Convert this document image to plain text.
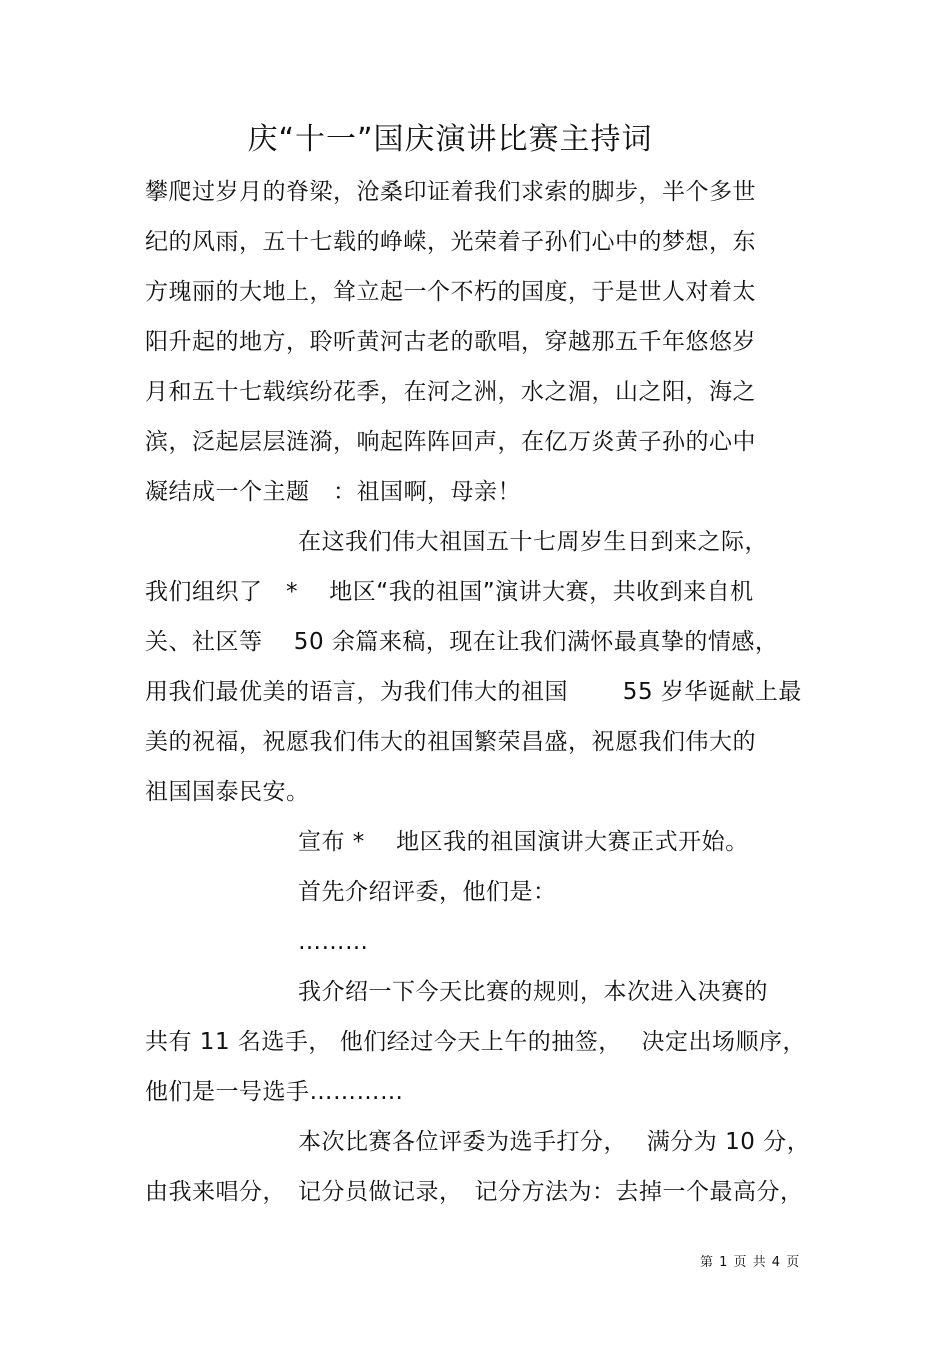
庆“十一”国庆演讲比赛主持词
攀爬过岁月的脊梁，沧桑印证着我们求索的脚步，半个多世
纪的风雨，五十七载的峥嵘，光荣着子孙们心中的梦想，东
方瑰丽的大地上，耸立起一个不朽的国度，于是世人对着太
阳升起的地方，聆听黄河古老的歌唱，穿越那五千年悠悠岁
月和五十七载缤纷花季，在河之洲，水之湄，山之阳，海之
滨，泛起层层涟漪，响起阵阵回声，在亿万炎黄子孙的心中
凝结成一个主题　：祖国啊，母亲！
在这我们伟大祖国五十七周岁生日到来之际，
我们组织了　*　 地区“我的祖国”演讲大赛，共收到来自机
关、社区等　 50 余篇来稿，现在让我们满怀最真挚的情感，
用我们最优美的语言，为我们伟大的祖国　　 55 岁华诞献上最
美的祝福，祝愿我们伟大的祖国繁荣昌盛，祝愿我们伟大的
祖国国泰民安。
宣布 *　 地区我的祖国演讲大赛正式开始。
首先介绍评委，他们是：
………
我介绍一下今天比赛的规则，本次进入决赛的
共有 11 名选手， 他们经过今天上午的抽签，　 决定出场顺序，
他们是一号选手…………
本次比赛各位评委为选手打分，　 满分为 10 分，
由我来唱分，　记分员做记录，　记分方法为：去掉一个最高分，
第 1 页 共 4 页
